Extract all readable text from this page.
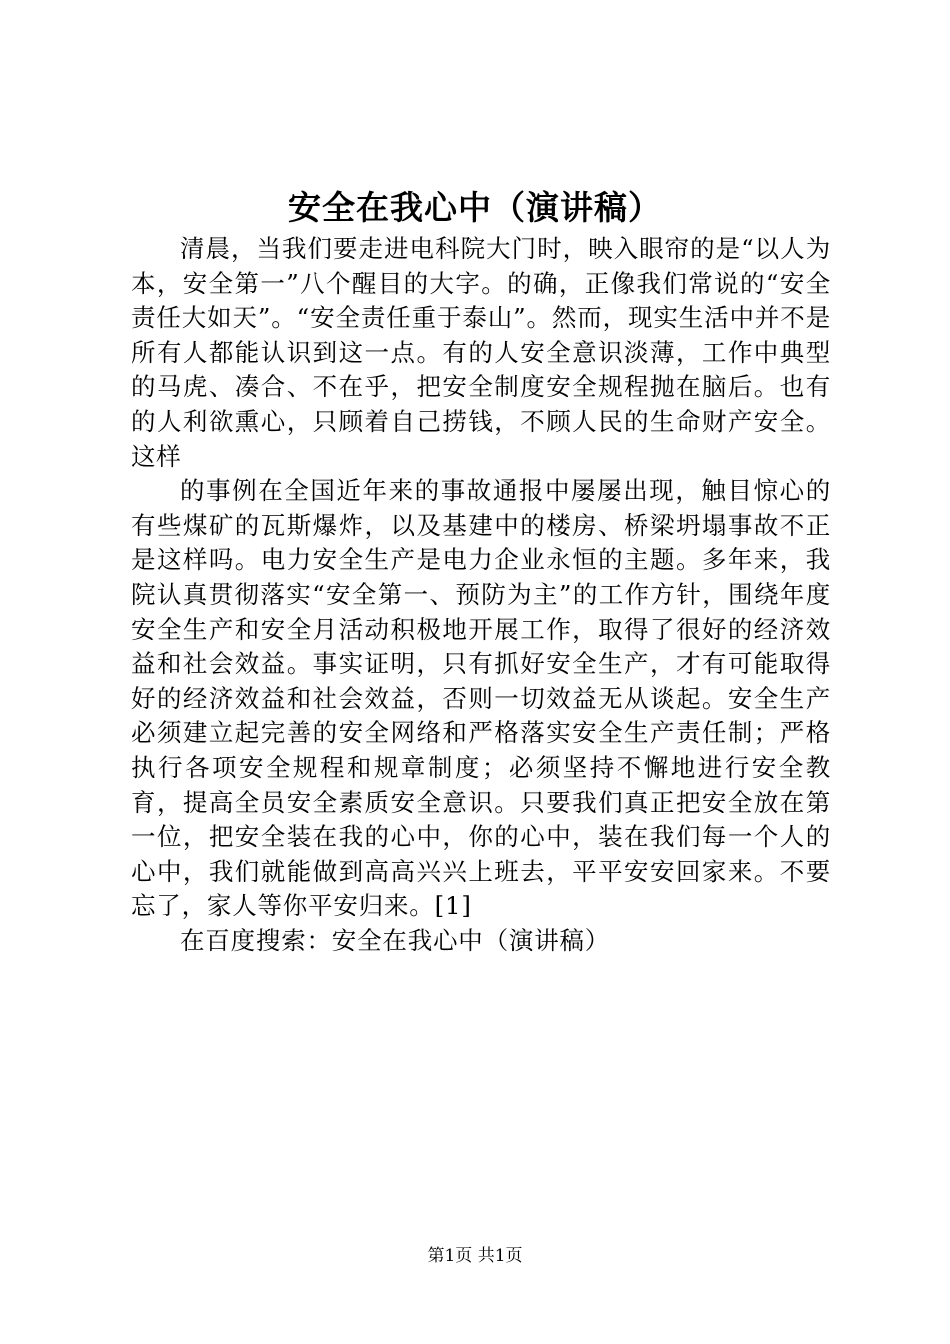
安全在我心中（演讲稿）

清晨，当我们要走进电科院大门时，映入眼帘的是“以人为本，安全第一”八个醒目的大字。的确，正像我们常说的“安全责任大如天”。“安全责任重于泰山”。然而，现实生活中并不是所有人都能认识到这一点。有的人安全意识淡薄，工作中典型的马虎、凑合、不在乎，把安全制度安全规程抛在脑后。也有的人利欲熏心，只顾着自己捞钱，不顾人民的生命财产安全。这样

的事例在全国近年来的事故通报中屡屡出现，触目惊心的有些煤矿的瓦斯爆炸，以及基建中的楼房、桥梁坍塌事故不正是这样吗。电力安全生产是电力企业永恒的主题。多年来，我院认真贯彻落实“安全第一、预防为主”的工作方针，围绕年度安全生产和安全月活动积极地开展工作，取得了很好的经济效益和社会效益。事实证明，只有抓好安全生产，才有可能取得好的经济效益和社会效益，否则一切效益无从谈起。安全生产必须建立起完善的安全网络和严格落实安全生产责任制；严格执行各项安全规程和规章制度；必须坚持不懈地进行安全教育，提高全员安全素质安全意识。只要我们真正把安全放在第一位，把安全装在我的心中，你的心中，装在我们每一个人的心中，我们就能做到高高兴兴上班去，平平安安回家来。不要忘了，家人等你平安归来。[1]

在百度搜索：安全在我心中（演讲稿）

第1页 共1页
